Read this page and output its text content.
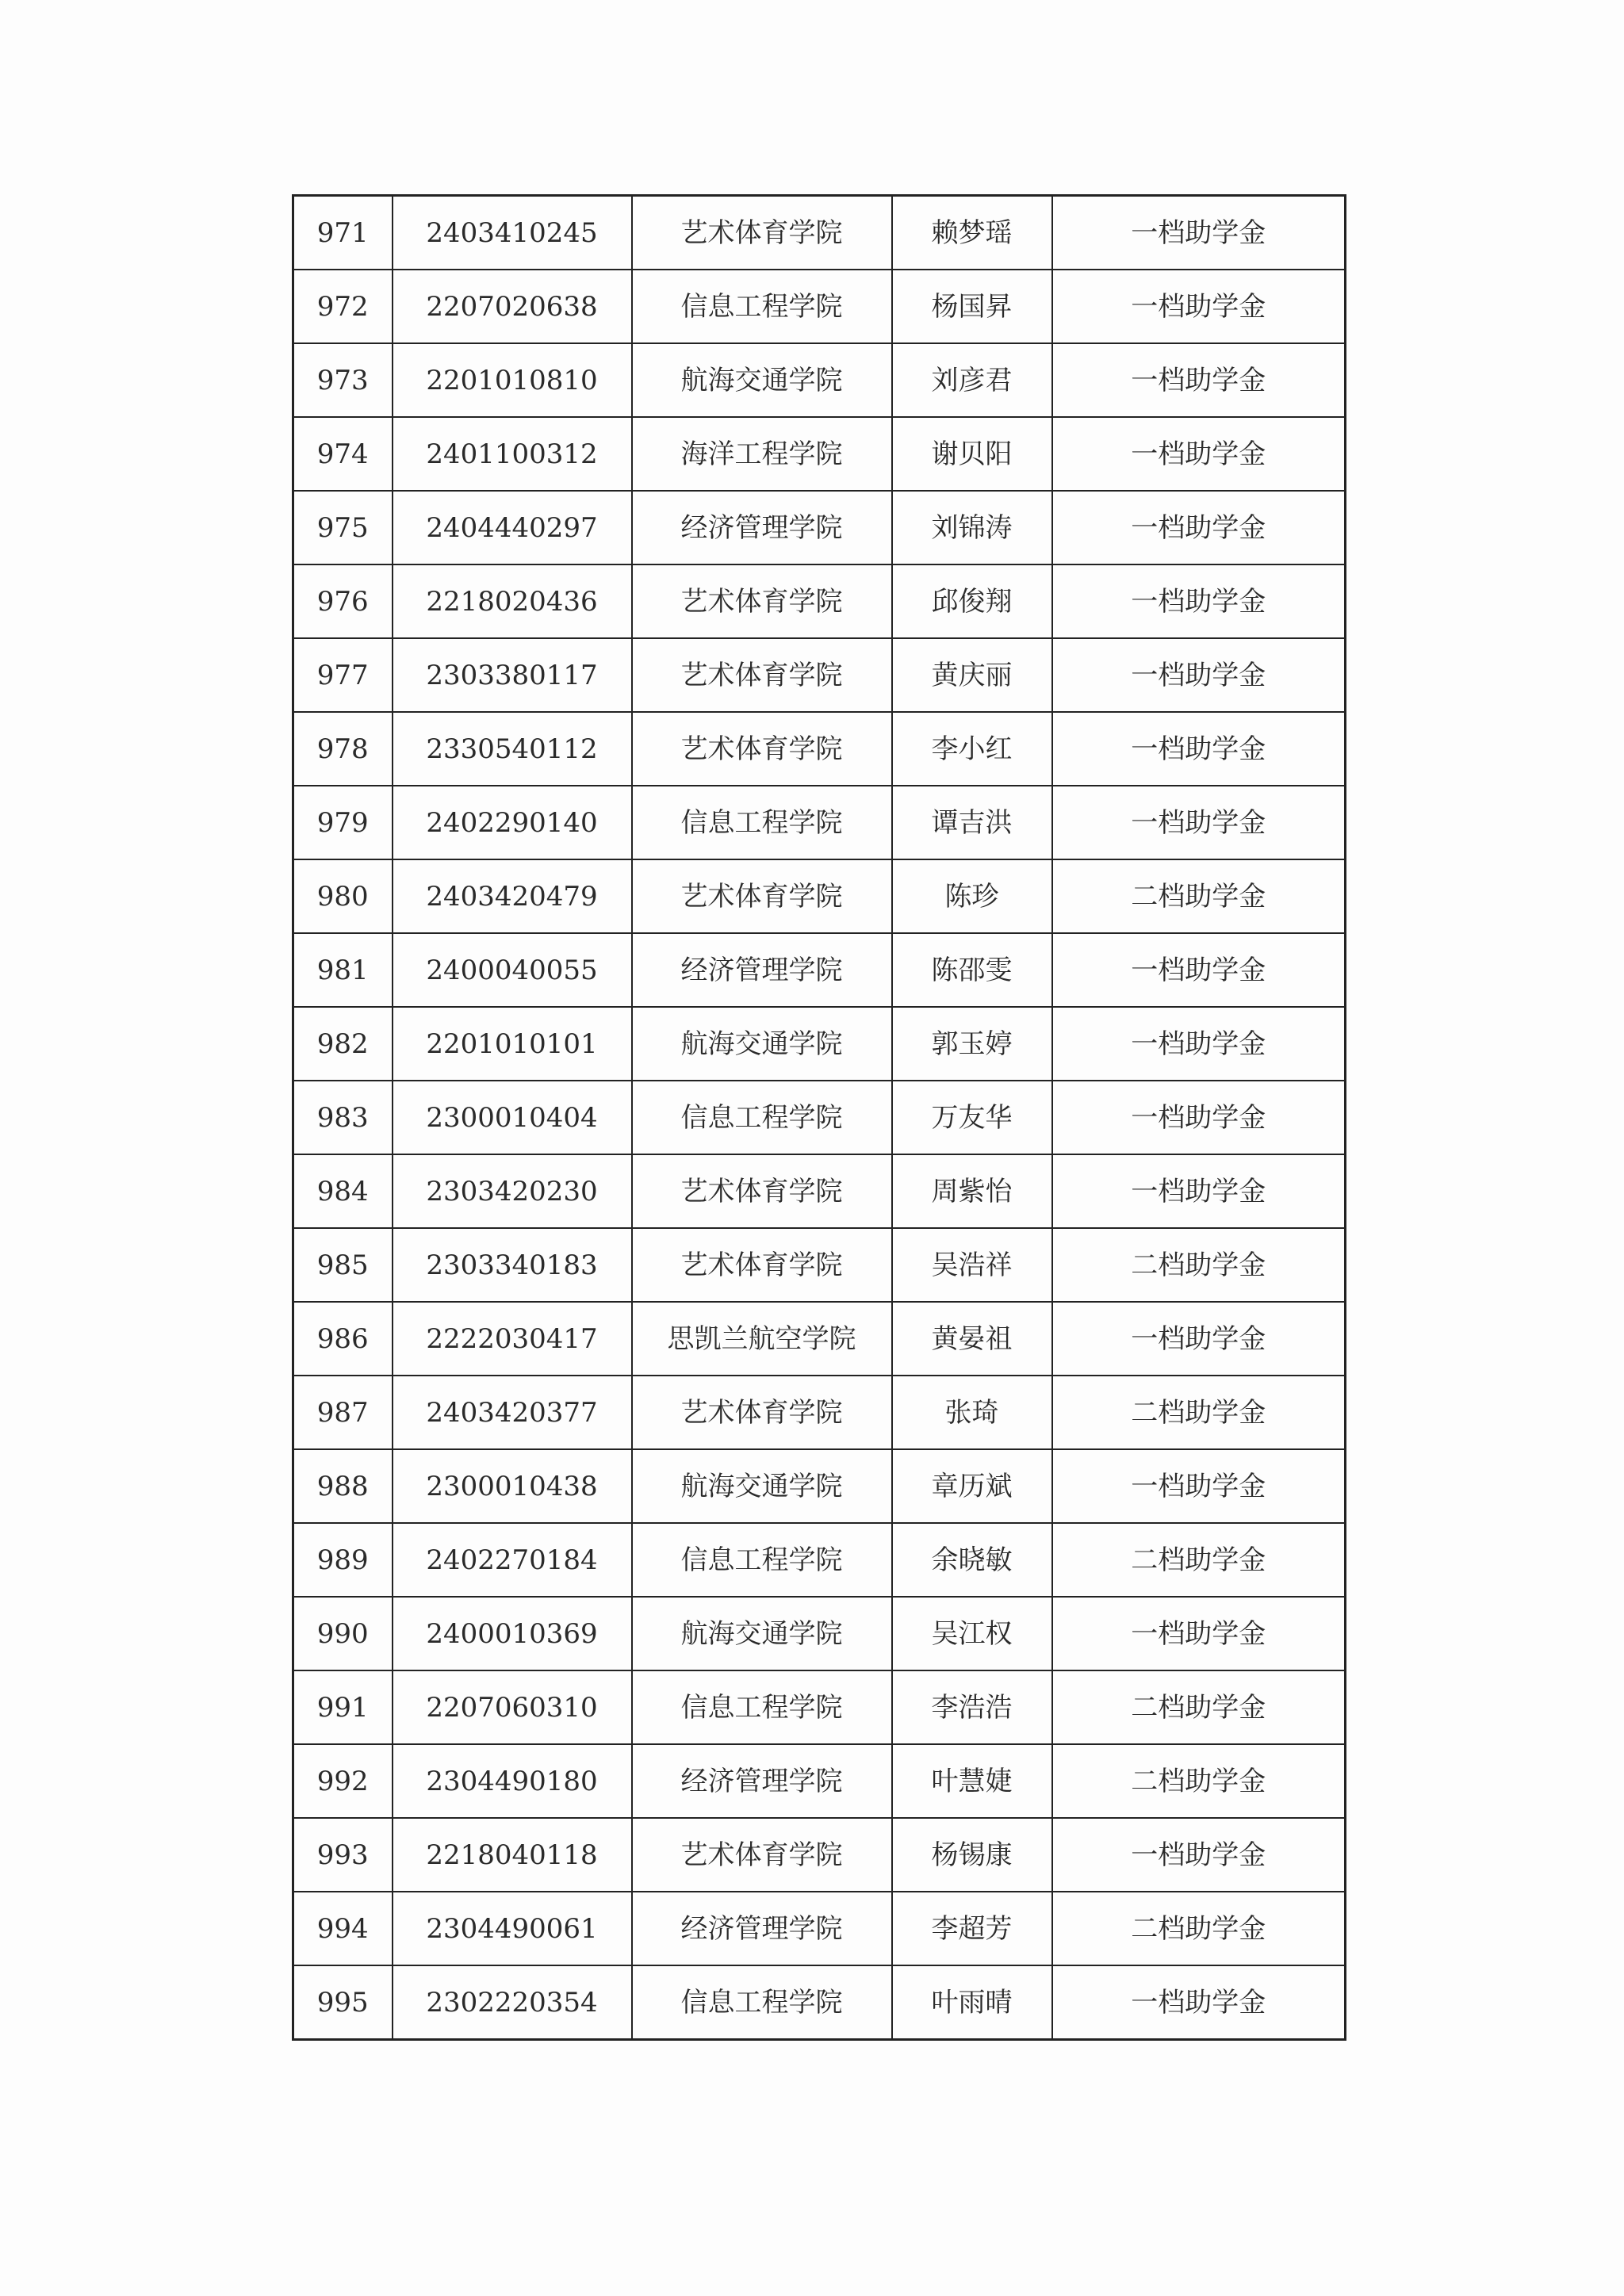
971	2403410245	艺术体育学院	赖梦瑶	一档助学金
972	2207020638	信息工程学院	杨国昇	一档助学金
973	2201010810	航海交通学院	刘彦君	一档助学金
974	2401100312	海洋工程学院	谢贝阳	一档助学金
975	2404440297	经济管理学院	刘锦涛	一档助学金
976	2218020436	艺术体育学院	邱俊翔	一档助学金
977	2303380117	艺术体育学院	黄庆丽	一档助学金
978	2330540112	艺术体育学院	李小红	一档助学金
979	2402290140	信息工程学院	谭吉洪	一档助学金
980	2403420479	艺术体育学院	陈珍	二档助学金
981	2400040055	经济管理学院	陈邵雯	一档助学金
982	2201010101	航海交通学院	郭玉婷	一档助学金
983	2300010404	信息工程学院	万友华	一档助学金
984	2303420230	艺术体育学院	周紫怡	一档助学金
985	2303340183	艺术体育学院	吴浩祥	二档助学金
986	2222030417	思凯兰航空学院	黄晏祖	一档助学金
987	2403420377	艺术体育学院	张琦	二档助学金
988	2300010438	航海交通学院	章历斌	一档助学金
989	2402270184	信息工程学院	余晓敏	二档助学金
990	2400010369	航海交通学院	吴江权	一档助学金
991	2207060310	信息工程学院	李浩浩	二档助学金
992	2304490180	经济管理学院	叶慧婕	二档助学金
993	2218040118	艺术体育学院	杨锡康	一档助学金
994	2304490061	经济管理学院	李超芳	二档助学金
995	2302220354	信息工程学院	叶雨晴	一档助学金
